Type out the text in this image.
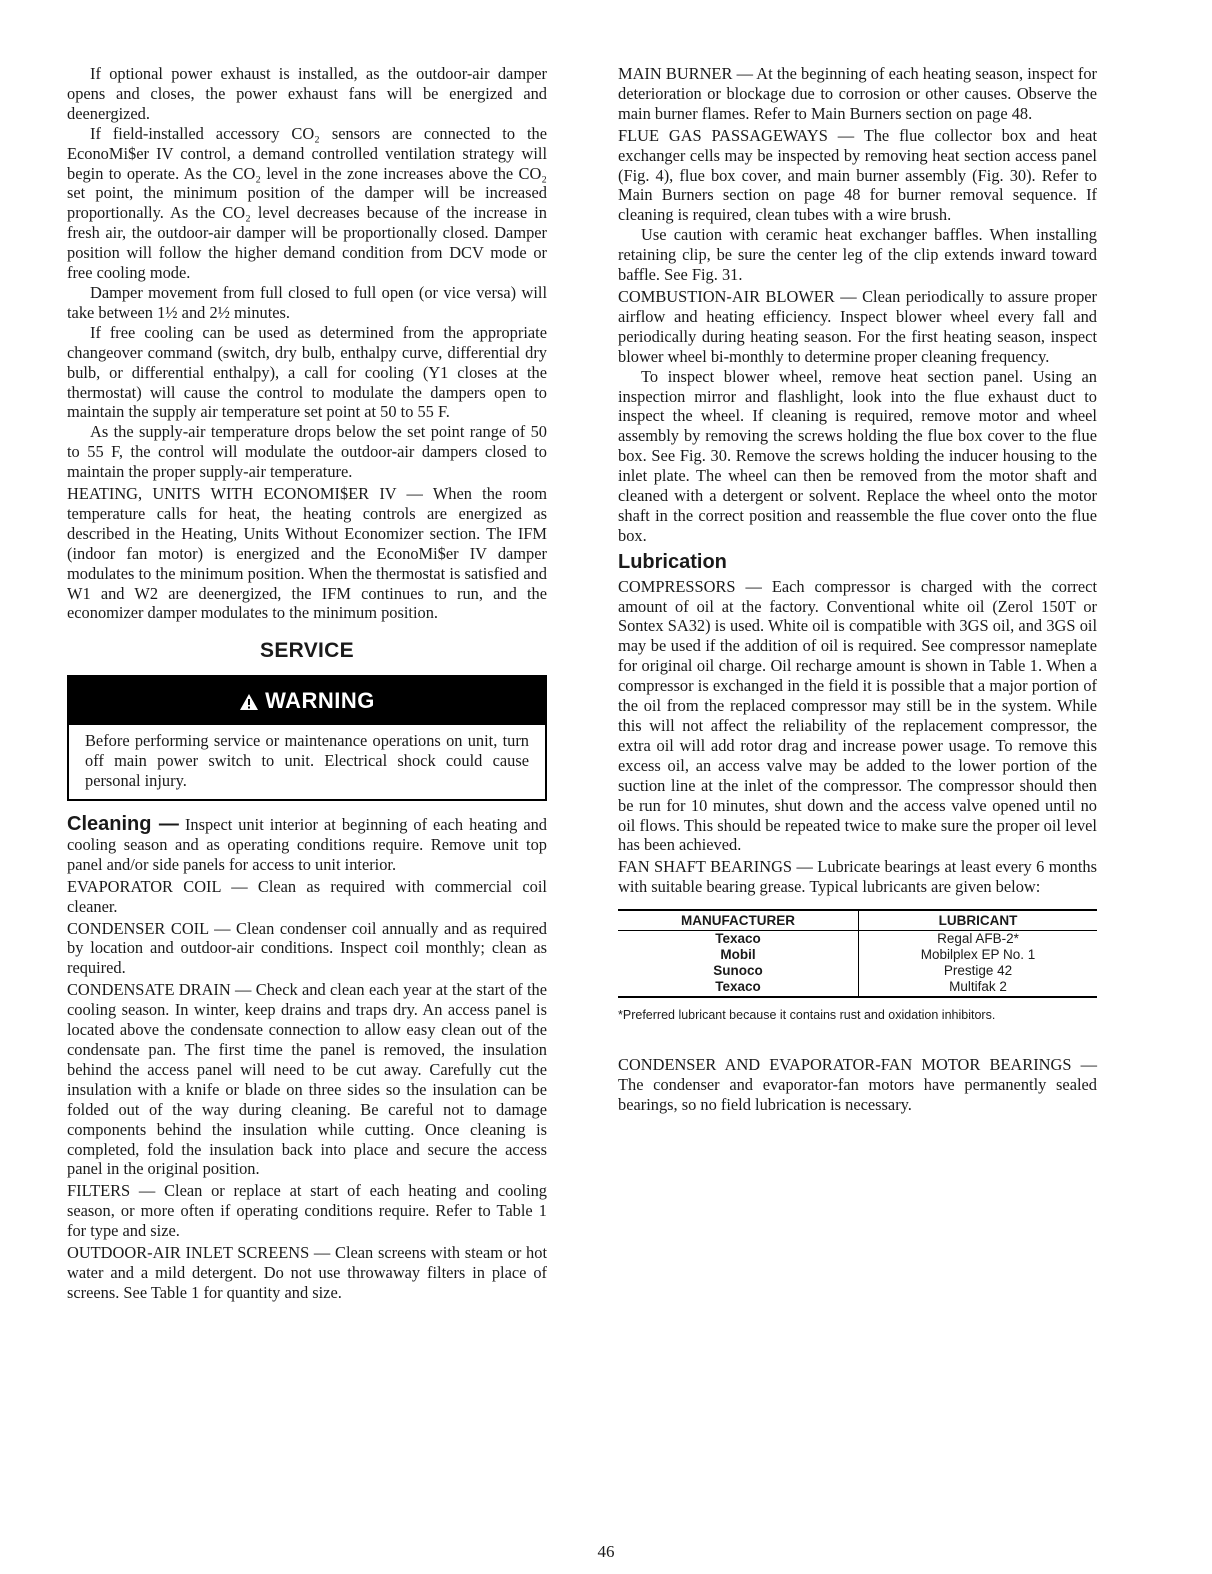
If optional power exhaust is installed, as the outdoor-air damper opens and closes, the power exhaust fans will be energized and deenergized.

If field-installed accessory CO₂ sensors are connected to the EconoMi$er IV control, a demand controlled ventilation strategy will begin to operate. As the CO₂ level in the zone increases above the CO₂ set point, the minimum position of the damper will be increased proportionally. As the CO₂ level decreases because of the increase in fresh air, the outdoor-air damper will be proportionally closed. Damper position will follow the higher demand condition from DCV mode or free cooling mode.

Damper movement from full closed to full open (or vice versa) will take between 1½ and 2½ minutes.

If free cooling can be used as determined from the appropriate changeover command (switch, dry bulb, enthalpy curve, differential dry bulb, or differential enthalpy), a call for cooling (Y1 closes at the thermostat) will cause the control to modulate the dampers open to maintain the supply air temperature set point at 50 to 55 F.

As the supply-air temperature drops below the set point range of 50 to 55 F, the control will modulate the outdoor-air dampers closed to maintain the proper supply-air temperature.

HEATING, UNITS WITH ECONOMI$ER IV — When the room temperature calls for heat, the heating controls are energized as described in the Heating, Units Without Economizer section. The IFM (indoor fan motor) is energized and the EconoMi$er IV damper modulates to the minimum position. When the thermostat is satisfied and W1 and W2 are deenergized, the IFM continues to run, and the economizer damper modulates to the minimum position.

SERVICE
WARNING

Before performing service or maintenance operations on unit, turn off main power switch to unit. Electrical shock could cause personal injury.

Cleaning — Inspect unit interior at beginning of each heating and cooling season and as operating conditions require. Remove unit top panel and/or side panels for access to unit interior.

EVAPORATOR COIL — Clean as required with commercial coil cleaner.

CONDENSER COIL — Clean condenser coil annually and as required by location and outdoor-air conditions. Inspect coil monthly; clean as required.

CONDENSATE DRAIN — Check and clean each year at the start of the cooling season. In winter, keep drains and traps dry. An access panel is located above the condensate connection to allow easy clean out of the condensate pan. The first time the panel is removed, the insulation behind the access panel will need to be cut away. Carefully cut the insulation with a knife or blade on three sides so the insulation can be folded out of the way during cleaning. Be careful not to damage components behind the insulation while cutting. Once cleaning is completed, fold the insulation back into place and secure the access panel in the original position.

FILTERS — Clean or replace at start of each heating and cooling season, or more often if operating conditions require. Refer to Table 1 for type and size.

OUTDOOR-AIR INLET SCREENS — Clean screens with steam or hot water and a mild detergent. Do not use throwaway filters in place of screens. See Table 1 for quantity and size.

MAIN BURNER — At the beginning of each heating season, inspect for deterioration or blockage due to corrosion or other causes. Observe the main burner flames. Refer to Main Burners section on page 48.

FLUE GAS PASSAGEWAYS — The flue collector box and heat exchanger cells may be inspected by removing heat section access panel (Fig. 4), flue box cover, and main burner assembly (Fig. 30). Refer to Main Burners section on page 48 for burner removal sequence. If cleaning is required, clean tubes with a wire brush.

Use caution with ceramic heat exchanger baffles. When installing retaining clip, be sure the center leg of the clip extends inward toward baffle. See Fig. 31.

COMBUSTION-AIR BLOWER — Clean periodically to assure proper airflow and heating efficiency. Inspect blower wheel every fall and periodically during heating season. For the first heating season, inspect blower wheel bi-monthly to determine proper cleaning frequency.

To inspect blower wheel, remove heat section panel. Using an inspection mirror and flashlight, look into the flue exhaust duct to inspect the wheel. If cleaning is required, remove motor and wheel assembly by removing the screws holding the flue box cover to the flue box. See Fig. 30. Remove the screws holding the inducer housing to the inlet plate. The wheel can then be removed from the motor shaft and cleaned with a detergent or solvent. Replace the wheel onto the motor shaft in the correct position and reassemble the flue cover onto the flue box.

Lubrication

COMPRESSORS — Each compressor is charged with the correct amount of oil at the factory. Conventional white oil (Zerol 150T or Sontex SA32) is used. White oil is compatible with 3GS oil, and 3GS oil may be used if the addition of oil is required. See compressor nameplate for original oil charge. Oil recharge amount is shown in Table 1. When a compressor is exchanged in the field it is possible that a major portion of the oil from the replaced compressor may still be in the system. While this will not affect the reliability of the replacement compressor, the extra oil will add rotor drag and increase power usage. To remove this excess oil, an access valve may be added to the lower portion of the suction line at the inlet of the compressor. The compressor should then be run for 10 minutes, shut down and the access valve opened until no oil flows. This should be repeated twice to make sure the proper oil level has been achieved.

FAN SHAFT BEARINGS — Lubricate bearings at least every 6 months with suitable bearing grease. Typical lubricants are given below:

MANUFACTURER	LUBRICANT
Texaco	Regal AFB-2*
Mobil	Mobilplex EP No. 1
Sunoco	Prestige 42
Texaco	Multifak 2
*Preferred lubricant because it contains rust and oxidation inhibitors.

CONDENSER AND EVAPORATOR-FAN MOTOR BEARINGS — The condenser and evaporator-fan motors have permanently sealed bearings, so no field lubrication is necessary.

46
